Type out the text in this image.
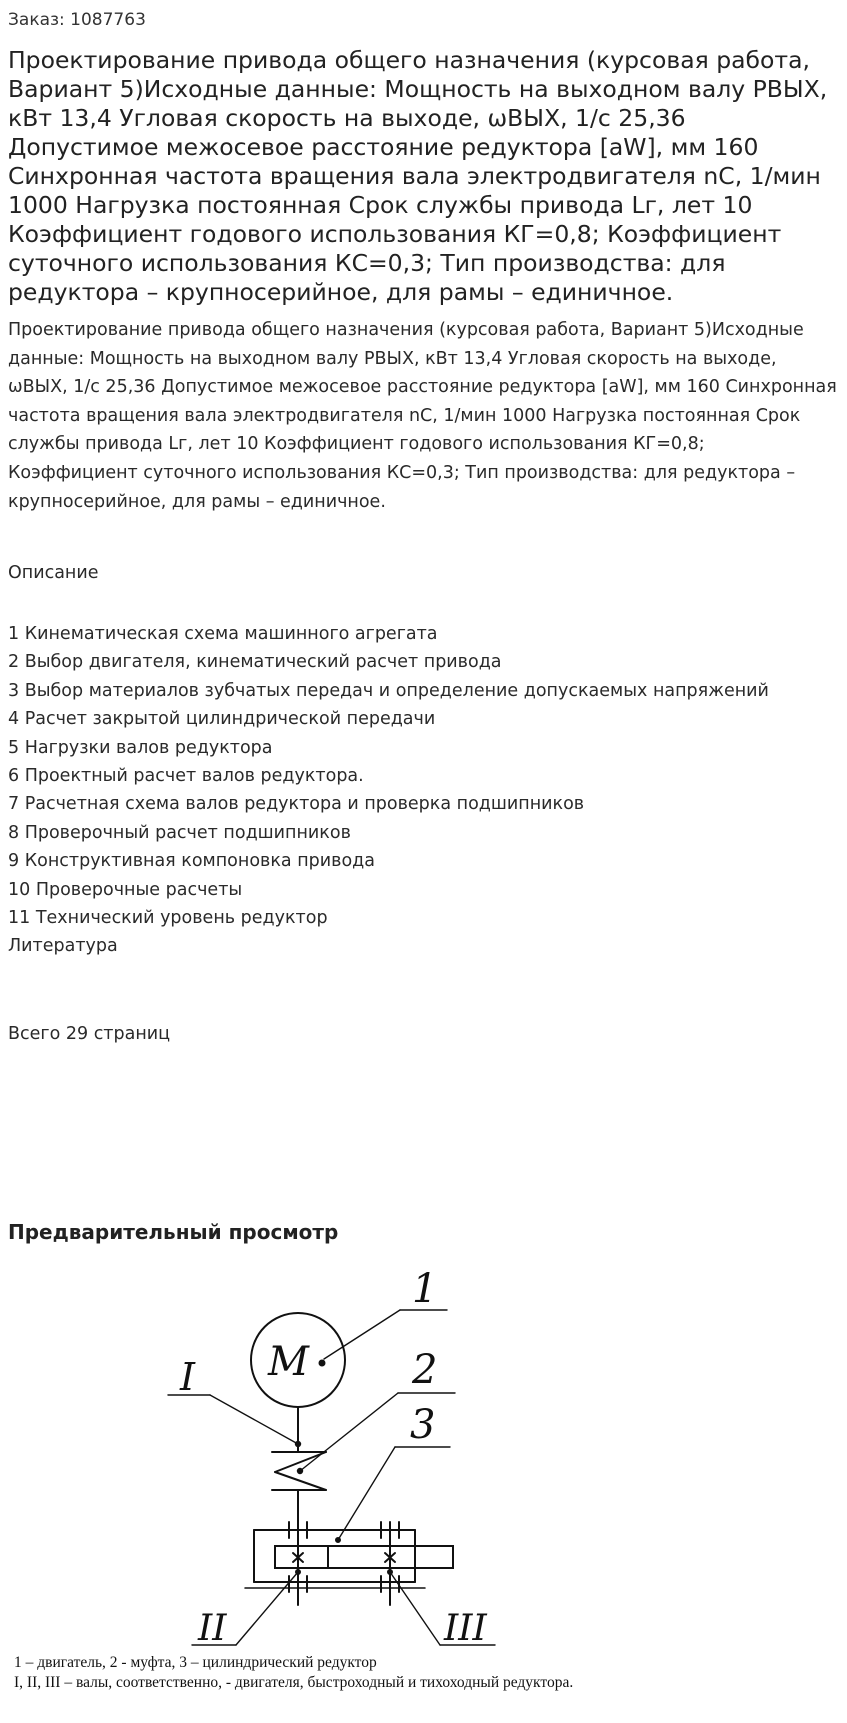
Заказ: 1087763
Проектирование привода общего назначения (курсовая работа, Вариант 5)Исходные данные: Мощность на выходном валу РВЫХ, кВт 13,4 Угловая скорость на выходе, ωВЫХ, 1/с 25,36 Допустимое межосевое расстояние редуктора [aW], мм 160 Синхронная частота вращения вала электродвигателя nC, 1/мин 1000 Нагрузка постоянная Срок службы привода Lг, лет 10 Коэффициент годового использования КГ=0,8; Коэффициент суточного использования КС=0,3; Тип производства: для редуктора – крупносерийное, для рамы – единичное.
Проектирование привода общего назначения (курсовая работа, Вариант 5)Исходные данные: Мощность на выходном валу РВЫХ, кВт 13,4 Угловая скорость на выходе, ωВЫХ, 1/с 25,36 Допустимое межосевое расстояние редуктора [aW], мм 160 Синхронная частота вращения вала электродвигателя nC, 1/мин 1000 Нагрузка постоянная Срок службы привода Lг, лет 10 Коэффициент годового использования КГ=0,8; Коэффициент суточного использования КС=0,3; Тип производства: для редуктора – крупносерийное, для рамы – единичное.
Описание
1 Кинематическая схема машинного агрегата
2 Выбор двигателя, кинематический расчет привода
3 Выбор материалов зубчатых передач и определение допускаемых напряжений
4 Расчет закрытой цилиндрической передачи
5 Нагрузки валов редуктора
6 Проектный расчет валов редуктора.
7 Расчетная схема валов редуктора и проверка подшипников
8 Проверочный расчет подшипников
9 Конструктивная компоновка привода
10 Проверочные расчеты
11 Технический уровень редуктор
Литература
Всего 29 страниц
Предварительный просмотр
М
1
I	2
3
II	III
1 – двигатель, 2 - муфта, 3 – цилиндрический редуктор
I, II, III – валы, соответственно, - двигателя, быстроходный и тихоходный редуктора.
